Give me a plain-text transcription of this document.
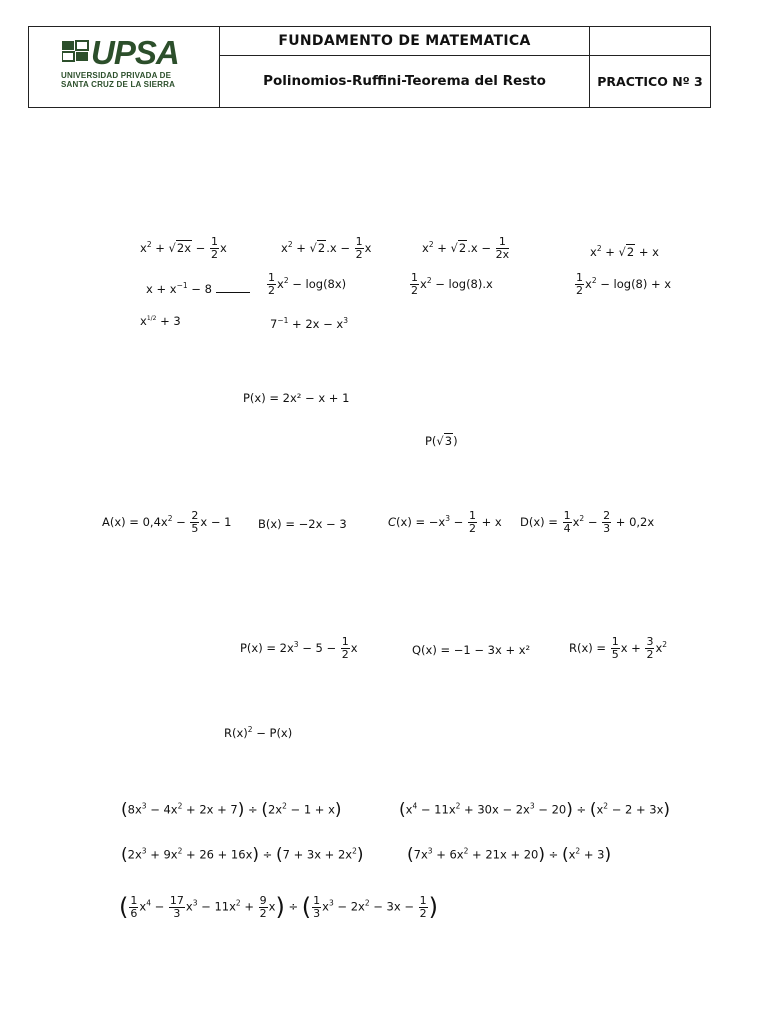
UPSA
UNIVERSIDAD PRIVADA DE
SANTA CRUZ DE LA SIERRA
FUNDAMENTO DE MATEMATICA
Polinomios-Ruffini-Teorema del Resto	PRACTICO Nº 3
$x^2 + √2x - \frac{1}{2}$ x	$x^2 + √2.x - \frac{1}{2}$ x	$x^2 + √2.x - \frac{1}{2x}$	$x^2 + √2 + x$
$x + x^{-1} - 8$	$\frac{1}{2} x^2 - \log(8x)$	$\frac{1}{2} x^2 - \log(8).x$	$\frac{1}{2} x^2 - \log(8) + x$
$x^{1/2} + 3$	$7^{-1} + 2x - x^3$
P(x) = 2x² − x + 1
P(√3)
$A(x) = 0,4x^2 - \frac{2}{5}$ x − 1 B(x) = −2x − 3	$C(x) = -x^3 - \frac{1}{2} + x$ $D(x) = \frac{1}{4} x^2 - \frac{2}{3} + 0,2x$
$P(x) = 2x^3 - 5 - \frac{1}{2}$ x	Q(x) = −1 − 3x + x²	$R(x) = \frac{1}{5}$ $x + \frac{3}{2} x^2$
$R(x)^2 - P(x)$
$(8x^3 - 4x^2 + 2x + 7) \div (2x^2 - 1 + x)$	$(x^4 - 11x^2 + 30x - 2x^3 - 20) \div (x^2 - 2 + 3x)$
$(2x^3 + 9x^2 + 26 + 16x) \div (7 + 3x + 2x^2)$	$(7x^3 + 6x^2 + 21x + 20) \div (x^2 + 3)$
( $\frac{1}{6} x^4 - \frac{17}{3} x^3 - 11x^2 + \frac{9}{2} x$) ÷ ( $\frac{1}{3} x^3 - 2x^2 - 3x - \frac{1}{2}$ )
